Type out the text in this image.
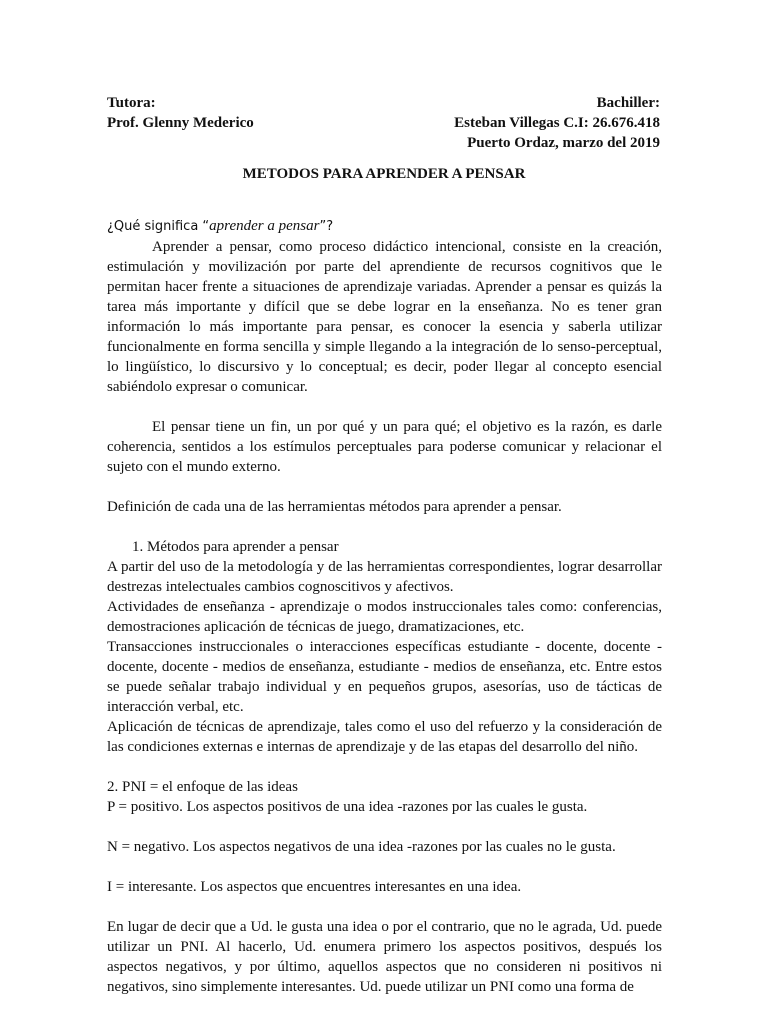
Tutora:
Prof. Glenny Mederico
Bachiller:
Esteban Villegas C.I: 26.676.418
Puerto Ordaz, marzo del 2019
METODOS PARA APRENDER A PENSAR

¿Qué significa “aprender a pensar”?

Aprender a pensar, como proceso didáctico intencional, consiste en la creación, estimulación y movilización por parte del aprendiente de recursos cognitivos que le permitan hacer frente a situaciones de aprendizaje variadas. Aprender a pensar es quizás la tarea más importante y difícil que se debe lograr en la enseñanza. No es tener gran información lo más importante para pensar, es conocer la esencia y saberla utilizar funcionalmente en forma sencilla y simple llegando a la integración de lo senso-perceptual, lo lingüístico, lo discursivo y lo conceptual; es decir, poder llegar al concepto esencial sabiéndolo expresar o comunicar.

El pensar tiene un fin, un por qué y un para qué; el objetivo es la razón, es darle coherencia, sentidos a los estímulos perceptuales para poderse comunicar y relacionar el sujeto con el mundo externo.

Definición de cada una de las herramientas métodos para aprender a pensar.

1. Métodos para aprender a pensar

A partir del uso de la metodología y de las herramientas correspondientes, lograr desarrollar destrezas intelectuales cambios cognoscitivos y afectivos.

Actividades de enseñanza - aprendizaje o modos instruccionales tales como: conferencias, demostraciones aplicación de técnicas de juego, dramatizaciones, etc.

Transacciones instruccionales o interacciones específicas estudiante - docente, docente - docente, docente - medios de enseñanza, estudiante - medios de enseñanza, etc. Entre estos se puede señalar trabajo individual y en pequeños grupos, asesorías, uso de tácticas de interacción verbal, etc.

Aplicación de técnicas de aprendizaje, tales como el uso del refuerzo y la consideración de las condiciones externas e internas de aprendizaje y de las etapas del desarrollo del niño.

2. PNI = el enfoque de las ideas

P = positivo. Los aspectos positivos de una idea -razones por las cuales le gusta.

N = negativo. Los aspectos negativos de una idea -razones por las cuales no le gusta.

I = interesante. Los aspectos que encuentres interesantes en una idea.

En lugar de decir que a Ud. le gusta una idea o por el contrario, que no le agrada, Ud. puede utilizar un PNI. Al hacerlo, Ud. enumera primero los aspectos positivos, después los aspectos negativos, y por último, aquellos aspectos que no consideren ni positivos ni negativos, sino simplemente interesantes. Ud. puede utilizar un PNI como una forma de
